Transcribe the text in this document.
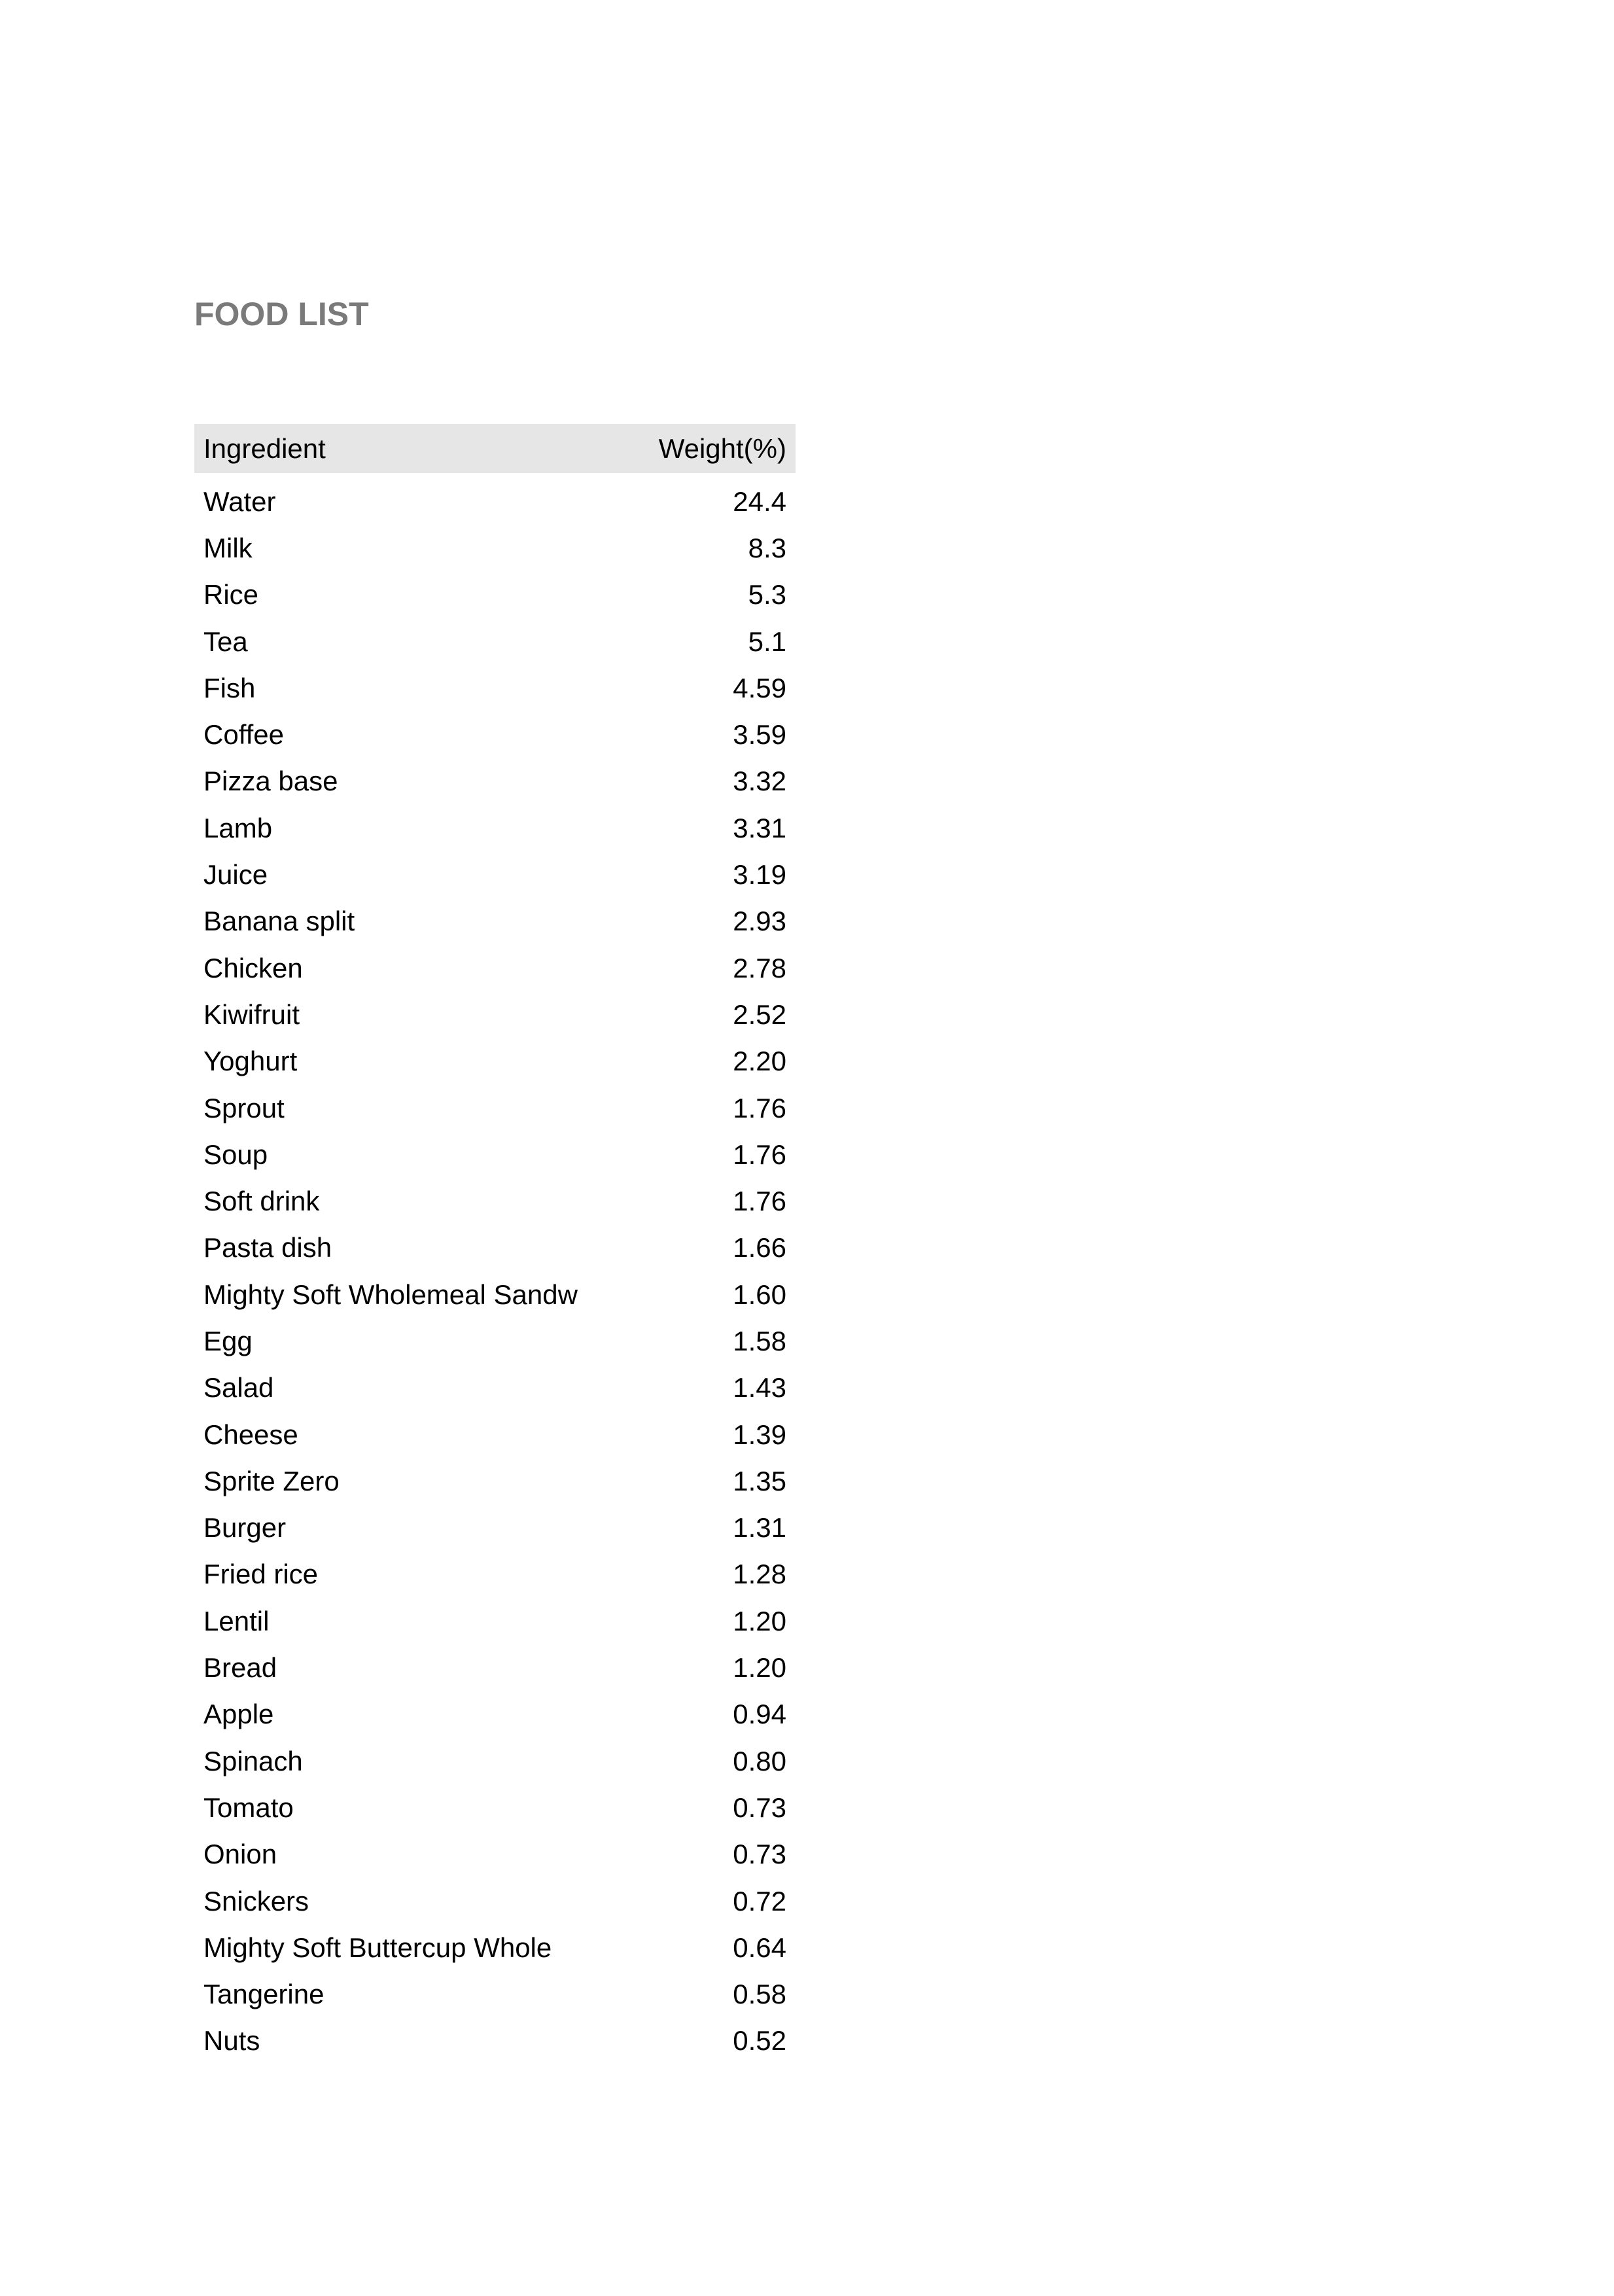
FOOD LIST
Ingredient	Weight(%)
Water	24.4
Milk	8.3
Rice	5.3
Tea	5.1
Fish	4.59
Coffee	3.59
Pizza base	3.32
Lamb	3.31
Juice	3.19
Banana split	2.93
Chicken	2.78
Kiwifruit	2.52
Yoghurt	2.20
Sprout	1.76
Soup	1.76
Soft drink	1.76
Pasta dish	1.66
Mighty Soft Wholemeal Sandw	1.60
Egg	1.58
Salad	1.43
Cheese	1.39
Sprite Zero	1.35
Burger	1.31
Fried rice	1.28
Lentil	1.20
Bread	1.20
Apple	0.94
Spinach	0.80
Tomato	0.73
Onion	0.73
Snickers	0.72
Mighty Soft Buttercup Whole	0.64
Tangerine	0.58
Nuts	0.52
